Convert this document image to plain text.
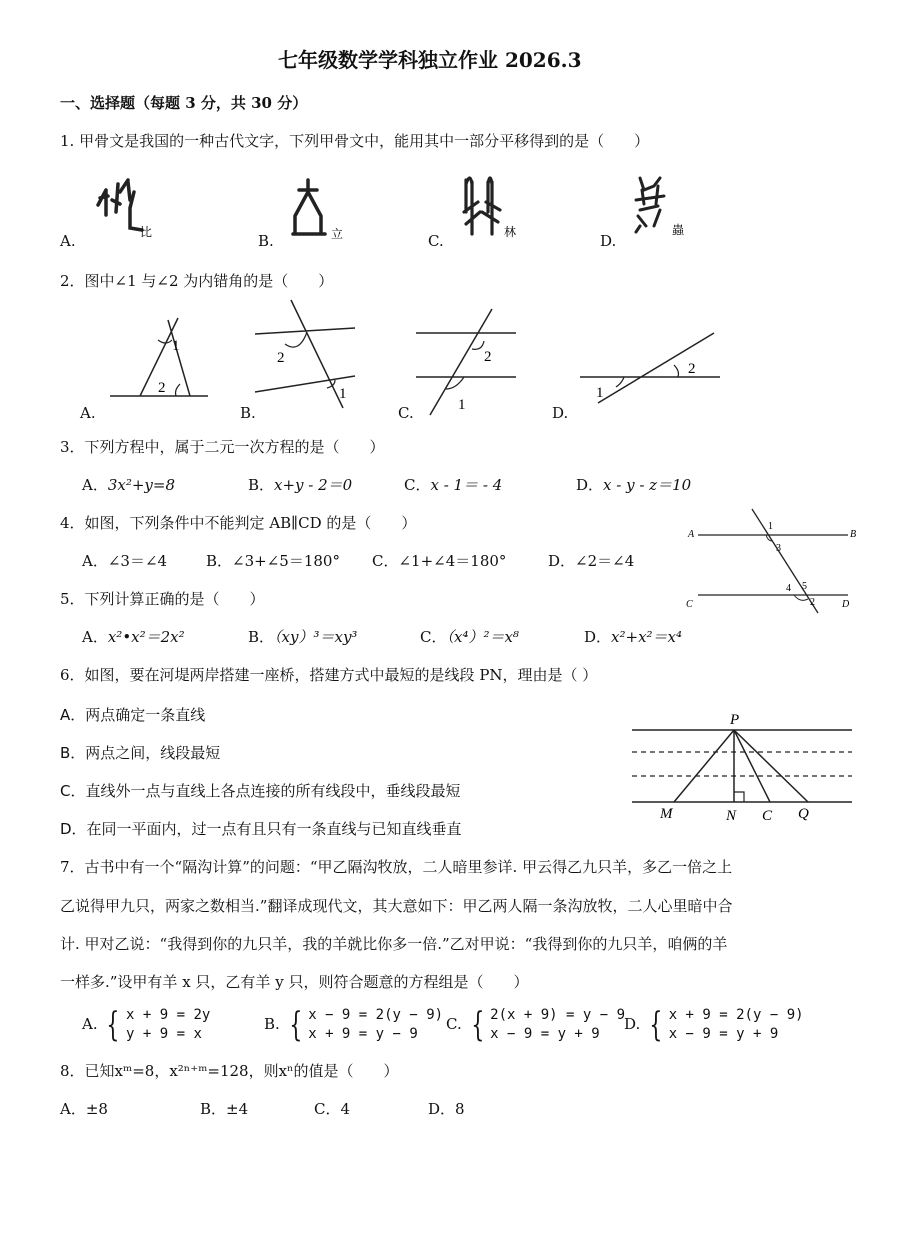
七年级数学学科独立作业 2026.3
一、选择题（每题 3 分，共 30 分）
1. 甲骨文是我国的一种古代文字，下列甲骨文中，能用其中一部分平移得到的是（　　）
A.	比	B.	立	C.	林	D.
蟲
2．图中∠1 与∠2 为内错角的是（　　）
A.
1
2
B.
2
1
C.
2
1	D.
2
1
3．下列方程中，属于二元一次方程的是（　　）
A．3x²+y=8	B．x+y - 2＝0	C．x - 1＝ - 4	D．x - y - z＝10
4．如图，下列条件中不能判定 AB∥CD 的是（　　）
A．∠3＝∠4	B．∠3+∠5＝180° C．∠1+∠4＝180°	D．∠2＝∠4
A	B
C	D
1
3
4 5
2
5．下列计算正确的是（　　）
A．x²•x²＝2x²	B．（xy）³＝xy³	C．（x⁴）²＝x⁸	D．x²+x²＝x⁴
6．如图，要在河堤两岸搭建一座桥，搭建方式中最短的是线段 PN，理由是（ ）
A．两点确定一条直线
B．两点之间，线段最短
C．直线外一点与直线上各点连接的所有线段中，垂线段最短
D．在同一平面内，过一点有且只有一条直线与已知直线垂直
P
M	N C Q
7．古书中有一个“隔沟计算”的问题：“甲乙隔沟牧放，二人暗里参详. 甲云得乙九只羊，多乙一倍之上
乙说得甲九只，两家之数相当.”翻译成现代文，其大意如下：甲乙两人隔一条沟放牧，二人心里暗中合
计. 甲对乙说：“我得到你的九只羊，我的羊就比你多一倍.”乙对甲说：“我得到你的九只羊，咱俩的羊
一样多.”设甲有羊 x 只，乙有羊 y 只，则符合题意的方程组是（　　）
A. { x + 9 = 2y
y + 9 = x
B. { x − 9 = 2(y − 9)
x + 9 = y − 9
C. { 2(x + 9) = y − 9
x − 9 = y + 9
D. { x + 9 = 2(y − 9)
x − 9 = y + 9
8．已知xᵐ=8，x²ⁿ⁺ᵐ=128，则xⁿ的值是（　　）
A．±8	B．±4	C．4	D．8
